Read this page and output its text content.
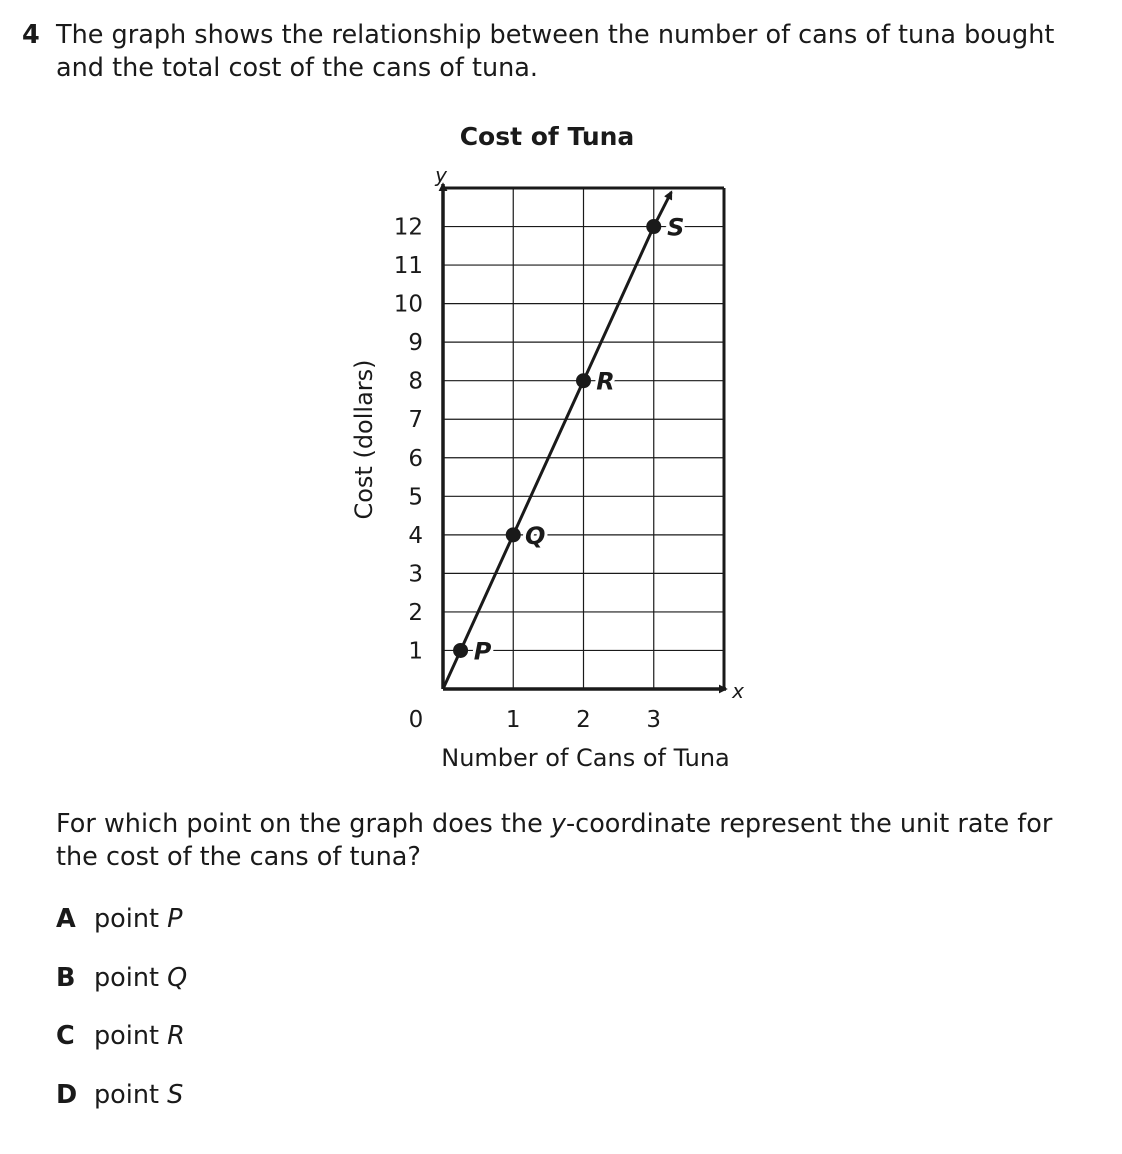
4 The graph shows the relationship between the number of cans of tuna bought
and the total cost of the cans of tuna.
Cost of Tuna
y
x
1
2
3
4
5
6
7
8
9
10
11
12
1 2 3
0
Number of Cans of Tuna
Cost (dollars)
P
Q
R
S
For which point on the graph does the y-coordinate represent the unit rate for
the cost of the cans of tuna?
A point P
B point Q
C point R
D point S
